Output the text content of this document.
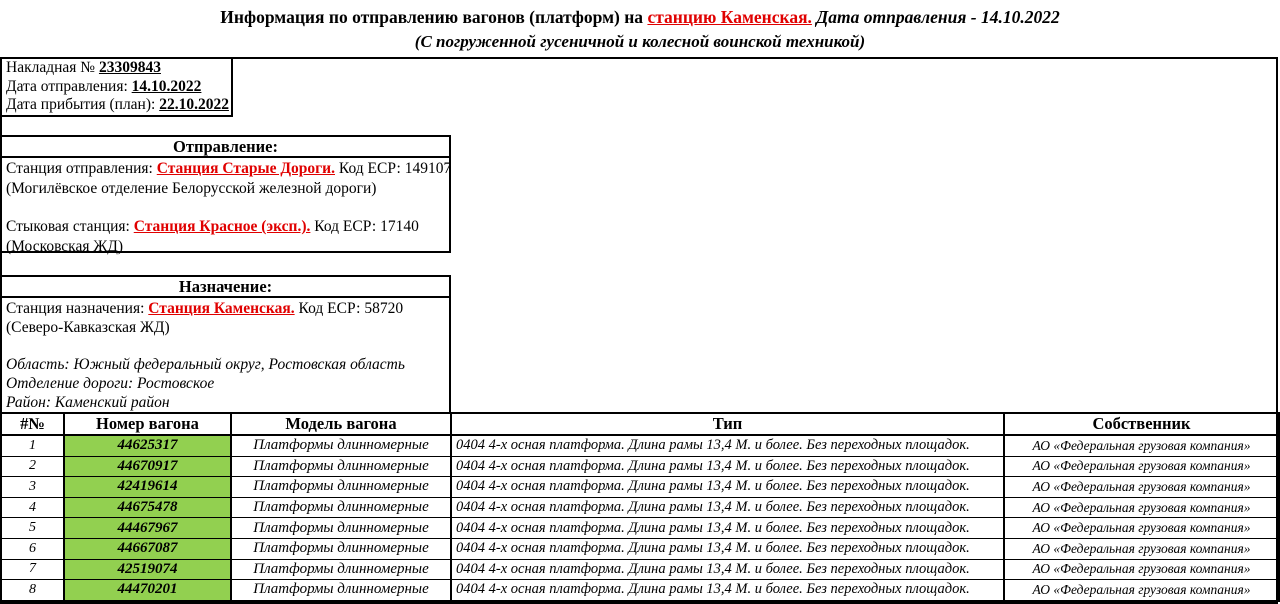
Информация по отправлению вагонов (платформ) на станцию Каменская. Дата отправления - 14.10.2022
(С погруженной гусеничной и колесной воинской техникой)
Накладная № 23309843
Дата отправления: 14.10.2022
Дата прибытия (план): 22.10.2022
Отправление:
Станция отправления: Станция Старые Дороги. Код ЕСР: 149107
(Могилёвское отделение Белорусской железной дороги)
Стыковая станция: Станция Красное (эксп.). Код ЕСР: 17140
(Московская ЖД)
Назначение:
Станция назначения: Станция Каменская. Код ЕСР: 58720
(Северо-Кавказская ЖД)
Область: Южный федеральный округ, Ростовская область
Отделение дороги: Ростовское
Район: Каменский район
#№	Номер вагона	Модель вагона	Тип	Собственник
1	44625317	Платформы длинномерные	0404 4-х осная платформа. Длина рамы 13,4 М. и более. Без переходных площадок.	АО «Федеральная грузовая компания»
2	44670917	Платформы длинномерные	0404 4-х осная платформа. Длина рамы 13,4 М. и более. Без переходных площадок.	АО «Федеральная грузовая компания»
3	42419614	Платформы длинномерные	0404 4-х осная платформа. Длина рамы 13,4 М. и более. Без переходных площадок.	АО «Федеральная грузовая компания»
4	44675478	Платформы длинномерные	0404 4-х осная платформа. Длина рамы 13,4 М. и более. Без переходных площадок.	АО «Федеральная грузовая компания»
5	44467967	Платформы длинномерные	0404 4-х осная платформа. Длина рамы 13,4 М. и более. Без переходных площадок.	АО «Федеральная грузовая компания»
6	44667087	Платформы длинномерные	0404 4-х осная платформа. Длина рамы 13,4 М. и более. Без переходных площадок.	АО «Федеральная грузовая компания»
7	42519074	Платформы длинномерные	0404 4-х осная платформа. Длина рамы 13,4 М. и более. Без переходных площадок.	АО «Федеральная грузовая компания»
8	44470201	Платформы длинномерные	0404 4-х осная платформа. Длина рамы 13,4 М. и более. Без переходных площадок.	АО «Федеральная грузовая компания»
